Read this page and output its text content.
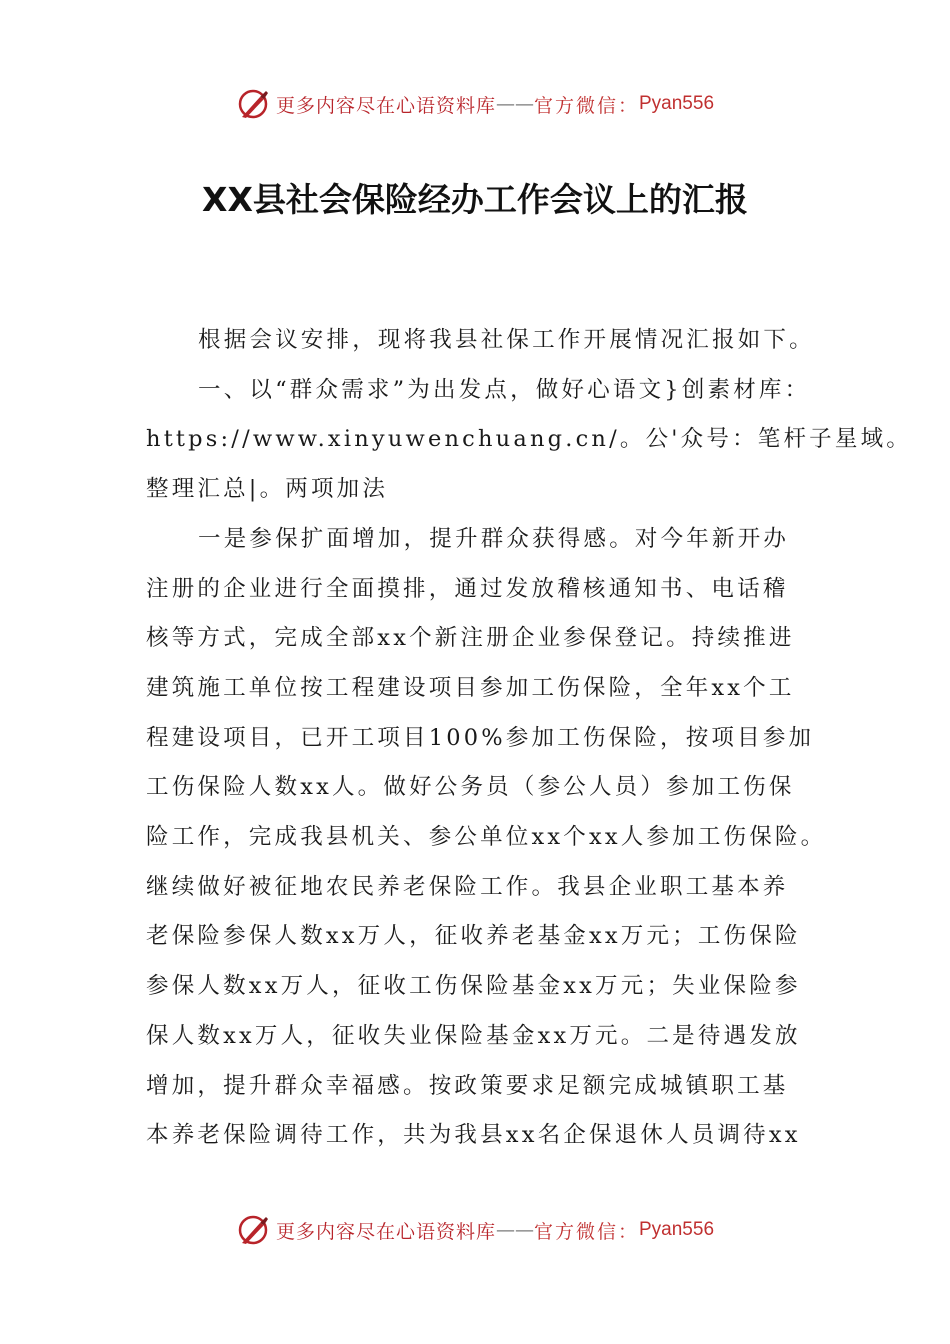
更多内容尽在心语资料库 —— 官方微信： Pyan556
XX县社会保险经办工作会议上的汇报
根据会议安排，现将我县社保工作开展情况汇报如下。
一、以“群众需求”为出发点，做好心语文}创素材库：
https://www.xinyuwenchuang.cn/。公'众号：笔杆子星域。
整理汇总|。两项加法
一是参保扩面增加，提升群众获得感。对今年新开办
注册的企业进行全面摸排，通过发放稽核通知书、电话稽
核等方式，完成全部xx个新注册企业参保登记。持续推进
建筑施工单位按工程建设项目参加工伤保险，全年xx个工
程建设项目，已开工项目100%参加工伤保险，按项目参加
工伤保险人数xx人。做好公务员（参公人员）参加工伤保
险工作，完成我县机关、参公单位xx个xx人参加工伤保险。
继续做好被征地农民养老保险工作。我县企业职工基本养
老保险参保人数xx万人，征收养老基金xx万元；工伤保险
参保人数xx万人，征收工伤保险基金xx万元；失业保险参
保人数xx万人，征收失业保险基金xx万元。二是待遇发放
增加，提升群众幸福感。按政策要求足额完成城镇职工基
本养老保险调待工作，共为我县xx名企保退休人员调待xx
更多内容尽在心语资料库 —— 官方微信： Pyan556
